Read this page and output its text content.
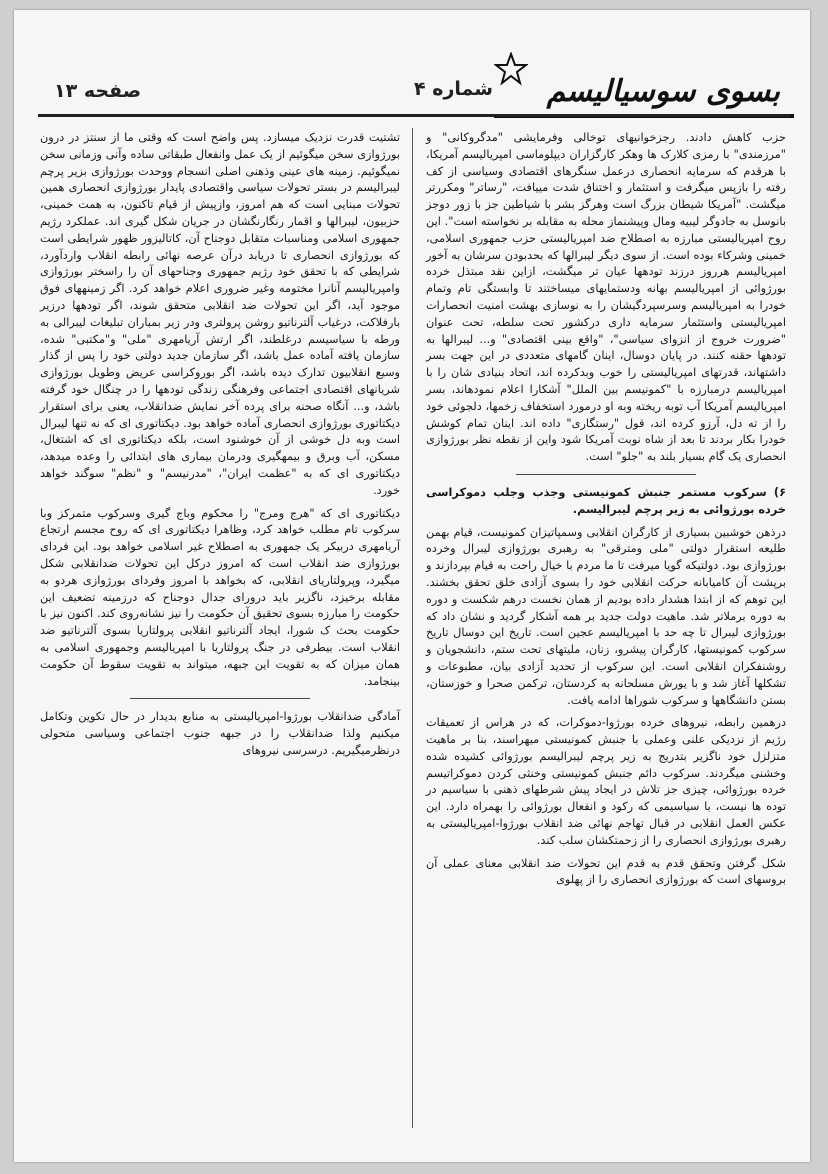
صفحه ۱۳	شماره ۴ بسوی سوسیالیسم

حزب کاهش دادند. رجزخوانیهای توخالی وفرمایشی "مدگروکانی" و "مرزمندی" با رمزی کلارک ها وهکر کارگزاران دیپلوماسی امپریالیسم آمریکا، با هرقدم که سرمایه انحصاری درعمل سنگرهای اقتصادی وسیاسی از کف رفته را بازپس میگرفت و استثمار و اختناق شدت مییافت، "رساتر" ومکررتر میگشت. "آمریکا شیطان بزرگ است وهرگز بشر با شیاطین جز با زور دوجز بانوسل به جادوگر لیبیه ومال وپیشنماز محله به مقابله بر نخواسته است". این روح امپریالیستی مبارزه به اصطلاح ضد امپریالیستی حزب جمهوری اسلامی، خمینی وشرکاء بوده است. از سوی دیگر لیبرالها که بحدبودن سرشان به آخور امپریالیسم هرروز درزند تودهها عیان تر میگشت، ازاین نقد مبتذل خرده بورژوائی از امپریالیسم بهانه ودستمایهای میساختند تا وابستگی تام وتمام خودرا به امپریالیسم وسرسپردگیشان را به نوسازی بهشت امنیت انحصارات امپریالیستی واستثمار سرمایه داری درکشور تحت سلطه، تحت عنوان "ضرورت خروج از انزوای سیاسی"، "واقع بینی اقتصادی" و... لیبرالها به تودهها حقنه کنند. در پایان دوسال، اینان گامهای متعددی در این جهت بسر داشتهاند، قدرتهای امپریالیستی را خوب وبدکرده اند، اتحاد بنیادی شان را با امپریالیسم درمبارزه با "کمونیسم بین الملل" آشکارا اعلام نمودهاند، بسر امپریالیسم آمریکا آب توبه ریخته وبه او درمورد استخفاف زخمها، دلجوئی خود را از ته دل، آرزو کرده اند، قول "رستگاری" داده اند. اینان تمام کوشش خودرا بکار بردند تا بعد از شاه نوبت آمریکا شود واین از نقطه نظر بورژوازی انحصاری یک گام بسیار بلند به "جلو" است.

۶) سرکوب مستمر جنبش کمونیستی وجذب وجلب دموکراسی خرده بورژوائی به زیر پرچم لیبرالیسم.

درذهن خوشبین بسیاری از کارگران انقلابی وسمپاتیزان کمونیست، قیام بهمن طلیعه استقرار دولتی "ملی ومترقی" به رهبری بورژوازی لیبرال وخرده بورژوازی بود. دولتیکه گویا میرفت تا ما مردم با خیال راحت به قیام بپردازند و برپشت آن کامیابانه حرکت انقلابی خود را بسوی آزادی خلق تحقق بخشند. این توهم که از ابتدا هشدار داده بودیم از همان نخست درهم شکست و دوره به دوره برملاتر شد. ماهیت دولت جدید بر همه آشکار گردید و نشان داد که بورژوازی لیبرال تا چه حد با امپریالیسم عجین است. تاریخ این دوسال تاریخ سرکوب کمونیستها، کارگران پیشرو، زنان، ملیتهای تحت ستم، دانشجویان و روشنفکران انقلابی است. این سرکوب از تحدید آزادی بیان، مطبوعات و تشکلها آغاز شد و با یورش مسلحانه به کردستان، ترکمن صحرا و خوزستان، بستن دانشگاهها و سرکوب شوراها ادامه یافت.

درهمین رابطه، نیروهای خرده بورژوا-دموکرات، که در هراس از تعمیقات رژیم از نزدیکی علنی وعملی با جنبش کمونیستی میهراسند، بنا بر ماهیت متزلزل خود ناگزیر بتدریج به زیر پرچم لیبرالیسم بورژوائی کشیده شده وخشنی میگردند. سرکوب دائم جنبش کمونیستی وخنثی کردن دموکراتیسم خرده بورژوائی، چیزی جز تلاش در ایجاد پیش شرطهای ذهنی با سیاسیم در توده ها نیست، با سیاسیمی که رکود و انفعال بورژوائی را بهمراه دارد. این عکس العمل انقلابی در قبال تهاجم نهائی ضد انقلاب بورژوا-امپریالیستی به رهبری بورژوازی انحصاری را از زحمتکشان سلب کند.

شکل گرفتن وتحقق قدم به قدم این تحولات ضد انقلابی معنای عملی آن بروسهای است که بورژوازی انحصاری را از پهلوی

تشتیت قدرت نزدیک میسازد. پس واضح است که وقتی ما از سنتز در درون بورژوازی سخن میگوئیم از یک عمل وانفعال طبقاتی ساده وآنی وزمانی سخن نمیگوئیم. زمینه های عینی وذهنی اصلی انسجام ووحدت بورژوازی بزیر پرچم لیبرالیسم در بستر تحولات سیاسی واقتصادی پایدار بورژوازی انحصاری همین تحولات مبنایی است که هم امروز، وازپیش از قیام تاکنون، به همت خمینی، حزبیون، لیبرالها و اقمار رنگارنگشان در جریان شکل گیری اند. عملکرد رژیم جمهوری اسلامی ومناسبات متقابل دوجناح آن، کاتالیزور ظهور شرایطی است که بورژوازی انحصاری تا دریابد درآن عرصه نهائی رابطه انقلاب واردآورد، شرایطی که با تحقق خود رژیم جمهوری وجناحهای آن را راسختر بورژوازی وامپریالیسم آنانرا مختومه وغیر ضروری اعلام خواهد کرد. اگر زمینههای فوق موجود آید، اگر این تحولات ضد انقلابی متحقق شوند، اگر تودهها درزیر بارفلاکت، درغیاب آلترناتیو روشن پرولتری ودر زیر بمباران تبلیغات لیبرالی به ورطه با سیاسیسم درغلطند، اگر ارتش آریامهری "ملی" و"مکتبی" شده، سازمان یافته آماده عمل باشد، اگر سازمان جدید دولتی خود را پس از گذار وسیع انقلابیون تدارک دیده باشد، اگر بوروکراسی عریض وطویل بورژوازی شریانهای اقتصادی اجتماعی وفرهنگی زندگی تودهها را در چنگال خود گرفته باشد، و... آنگاه صحنه برای پرده آخر نمایش ضدانقلاب، یعنی برای استقرار دیکتاتوری بورژوازی انحصاری آماده خواهد بود. دیکتاتوری ای که نه تنها لیبرال است وبه دل خوشی از آن خوشنود است، بلکه دیکتاتوری ای که اشتغال، مسکن، آب وبرق و بیمهگیری ودرمان بیماری های ابتدائی را وعده میدهد، دیکتاتوری ای که به "عظمت ایران"، "مدرنیسم" و "نظم" سوگند خواهد خورد.

دیکتاتوری ای که "هرج ومرج" را محکوم وباج گیری وسرکوب متمرکز وبا سرکوب تام مطلب خواهد کرد، وظاهرا دیکتاتوری ای که روح مجسم ارتجاع آریامهری دربیکر یک جمهوری به اصطلاح غیر اسلامی خواهد بود. این فردای بورژوازی ضد انقلاب است که امروز درکل این تحولات ضدانقلابی شکل میگیرد، وپرولتاریای انقلابی، که بخواهد با امروز وفردای بورژوازی هردو به مقابله برخیزد، ناگزیر باید درورای جدال دوجناح که درزمینه تضعیف این حکومت را مبارزه بسوی تحقیق آن حکومت را نیز نشانه‌روی کند. اکنون نیز با حکومت بحث ک شورا، ایجاد آلترناتیو انقلابی پرولتاریا بسوی آلترناتیو ضد انقلاب است. بیطرفی در جنگ پرولتاریا با امپریالیسم وجمهوری اسلامی به همان میزان که به تقویت این جبهه، میتواند به تقویت سقوط آن حکومت بینجامد.

آمادگی ضدانقلاب بورژوا-امپریالیستی به منابع بدیدار در حال تکوین وتکامل میکنیم ولذا ضدانقلاب را در جبهه جنوب اجتماعی وسیاسی متحولی درنظرمیگیریم. درسرسی نیروهای
